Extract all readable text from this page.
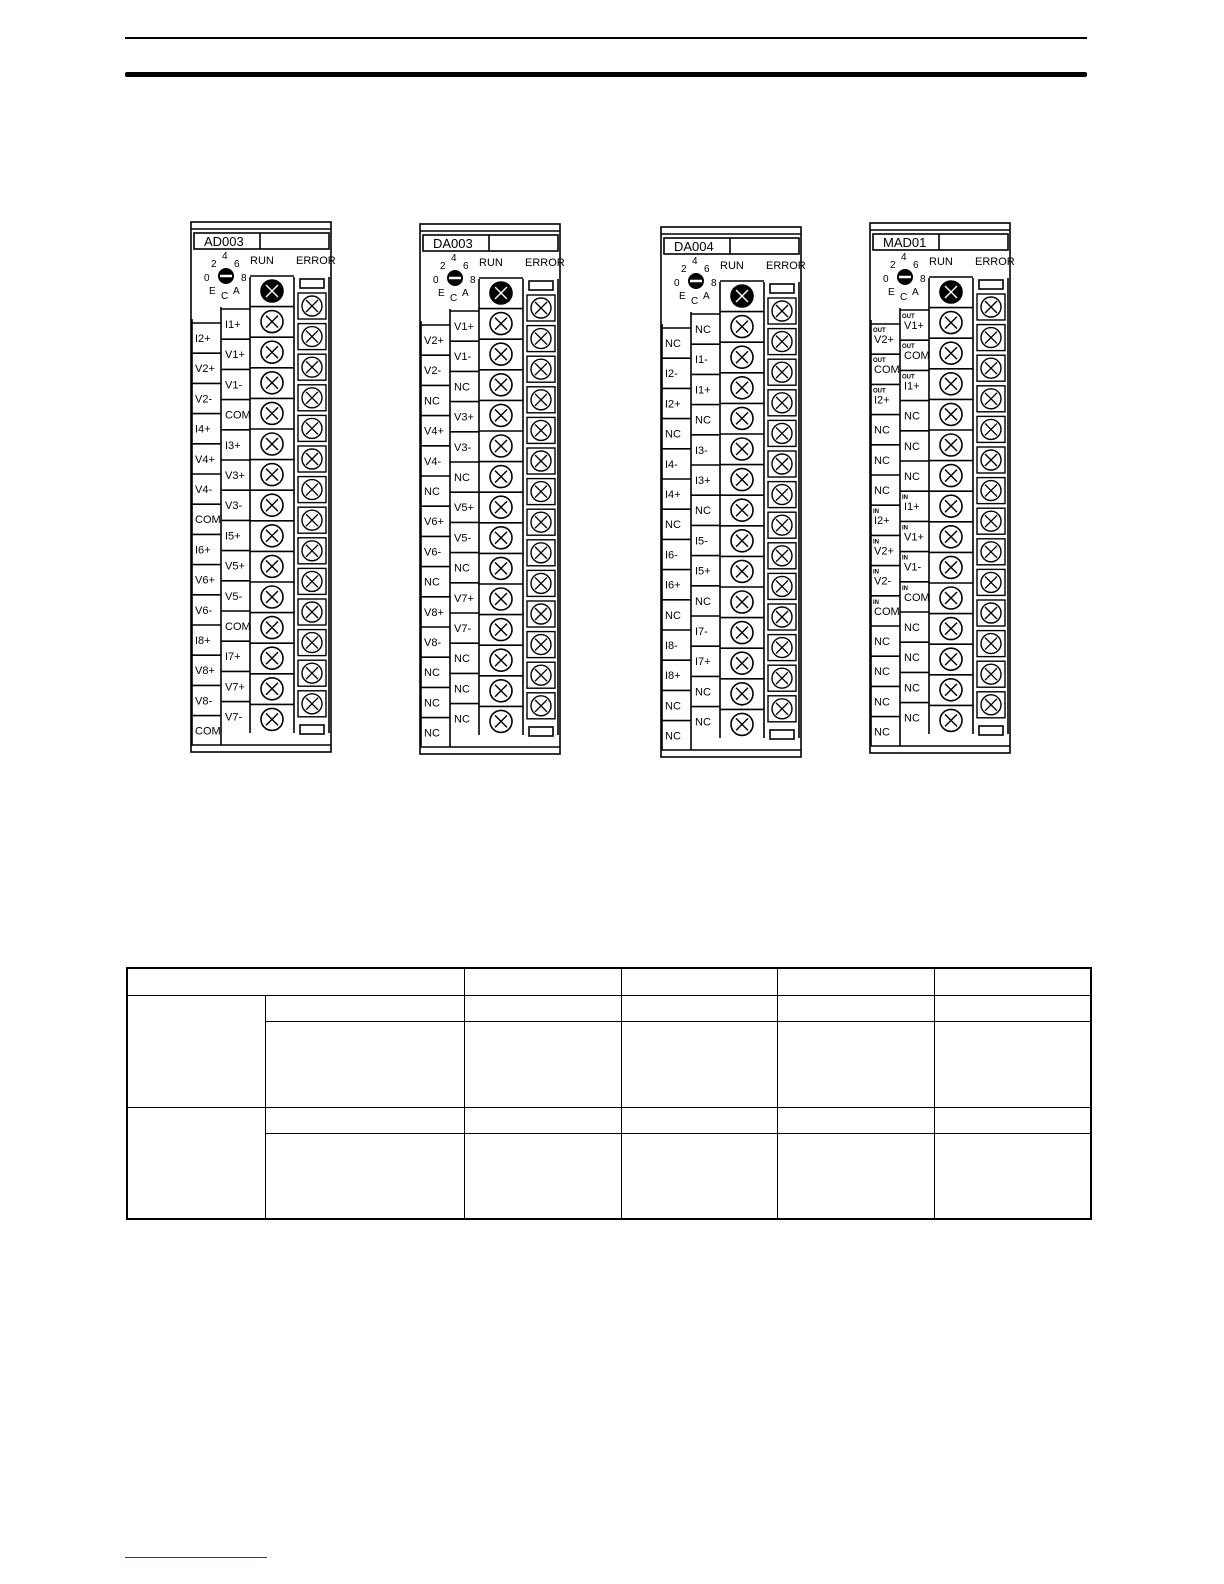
AD003
2
4
6
0	8
E C A
RUN ERROR
I1+
V1+
V1-
COM
I3+
V3+
V3-
I5+
V5+
V5-
COM
I7+
V7+
V7-
I2+
V2+
V2-
I4+
V4+
V4-
COM
I6+
V6+
V6-
I8+
V8+
V8-
COM
DA003
2
4
6
0	8
E C A
RUN ERROR
V1+
V1-
NC
V3+
V3-
NC
V5+
V5-
NC
V7+
V7-
NC
NC
NC
V2+
V2-
NC
V4+
V4-
NC
V6+
V6-
NC
V8+
V8-
NC
NC
NC
DA004
2
4
6
0	8
E C A
RUN ERROR
NC
I1-
I1+
NC
I3-
I3+
NC
I5-
I5+
NC
I7-
I7+
NC
NC
NC
I2-
I2+
NC
I4-
I4+
NC
I6-
I6+
NC
I8-
I8+
NC
NC
MAD01
2
4
6
0	8
E C A
RUN ERROR
V1+
OUT
COM
OUT
I1+
OUT
NC
NC
NC
I1+
IN
V1+
IN
V1-
IN
COM
IN
NC
NC
NC
NC
V2+
OUT
COM
OUT
I2+
OUT
NC
NC
NC
I2+
IN
V2+
IN
V2-
IN
COM
IN
NC
NC
NC
NC
